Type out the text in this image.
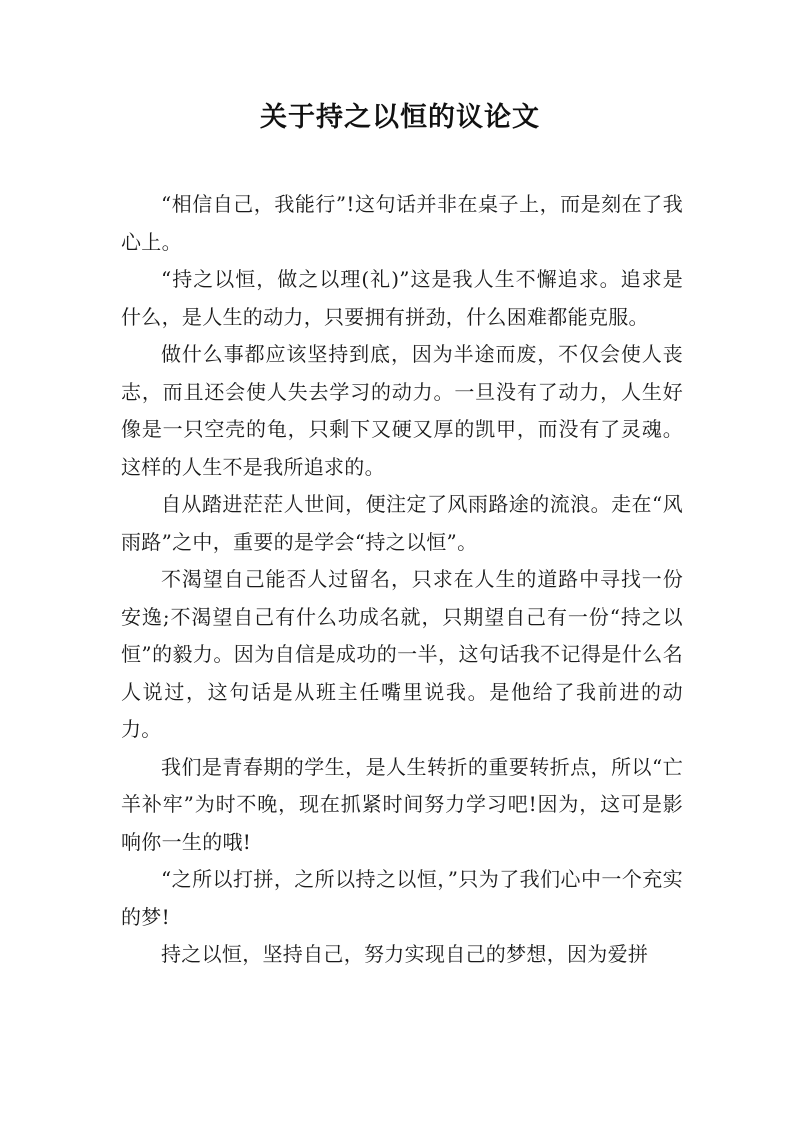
关于持之以恒的议论文

“相信自己，我能行”!这句话并非在桌子上，而是刻在了我心上。

“持之以恒，做之以理(礼)”这是我人生不懈追求。追求是什么，是人生的动力，只要拥有拼劲，什么困难都能克服。

做什么事都应该坚持到底，因为半途而废，不仅会使人丧志，而且还会使人失去学习的动力。一旦没有了动力，人生好像是一只空壳的龟，只剩下又硬又厚的凯甲，而没有了灵魂。这样的人生不是我所追求的。

自从踏进茫茫人世间，便注定了风雨路途的流浪。走在“风雨路”之中，重要的是学会“持之以恒”。

不渴望自己能否人过留名，只求在人生的道路中寻找一份安逸;不渴望自己有什么功成名就，只期望自己有一份“持之以恒”的毅力。因为自信是成功的一半，这句话我不记得是什么名人说过，这句话是从班主任嘴里说我。是他给了我前进的动力。

我们是青春期的学生，是人生转折的重要转折点，所以“亡羊补牢”为时不晚，现在抓紧时间努力学习吧!因为，这可是影响你一生的哦!

“之所以打拼，之所以持之以恒，”只为了我们心中一个充实的梦!

持之以恒，坚持自己，努力实现自己的梦想，因为爱拼
